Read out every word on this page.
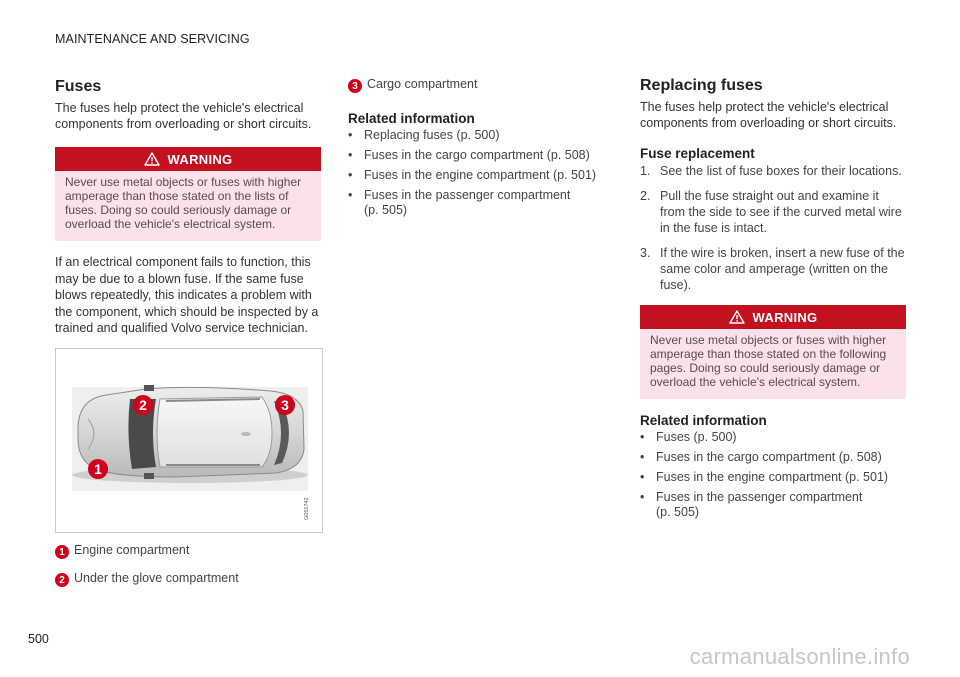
MAINTENANCE AND SERVICING
Fuses

The fuses help protect the vehicle's electrical components from overloading or short circuits.

WARNING
Never use metal objects or fuses with higher amperage than those stated on the lists of fuses. Doing so could seriously damage or overload the vehicle's electrical system.

If an electrical component fails to function, this may be due to a blown fuse. If the same fuse blows repeatedly, this indicates a problem with the component, which should be inspected by a trained and qualified Volvo service technician.

1
2	3
G051742
1 Engine compartment
2 Under the glove compartment
3 Cargo compartment
Related information
• Replacing fuses (p. 500)
• Fuses in the cargo compartment (p. 508)
• Fuses in the engine compartment (p. 501)
• Fuses in the passenger compartment (p. 505)
Replacing fuses

The fuses help protect the vehicle's electrical components from overloading or short circuits.

Fuse replacement
1. See the list of fuse boxes for their locations.
2. Pull the fuse straight out and examine it from the side to see if the curved metal wire in the fuse is intact.
3. If the wire is broken, insert a new fuse of the same color and amperage (written on the fuse).
WARNING
Never use metal objects or fuses with higher amperage than those stated on the following pages. Doing so could seriously damage or overload the vehicle's electrical system.
Related information
• Fuses (p. 500)
• Fuses in the cargo compartment (p. 508)
• Fuses in the engine compartment (p. 501)
• Fuses in the passenger compartment (p. 505)
500
carmanualsonline.info
